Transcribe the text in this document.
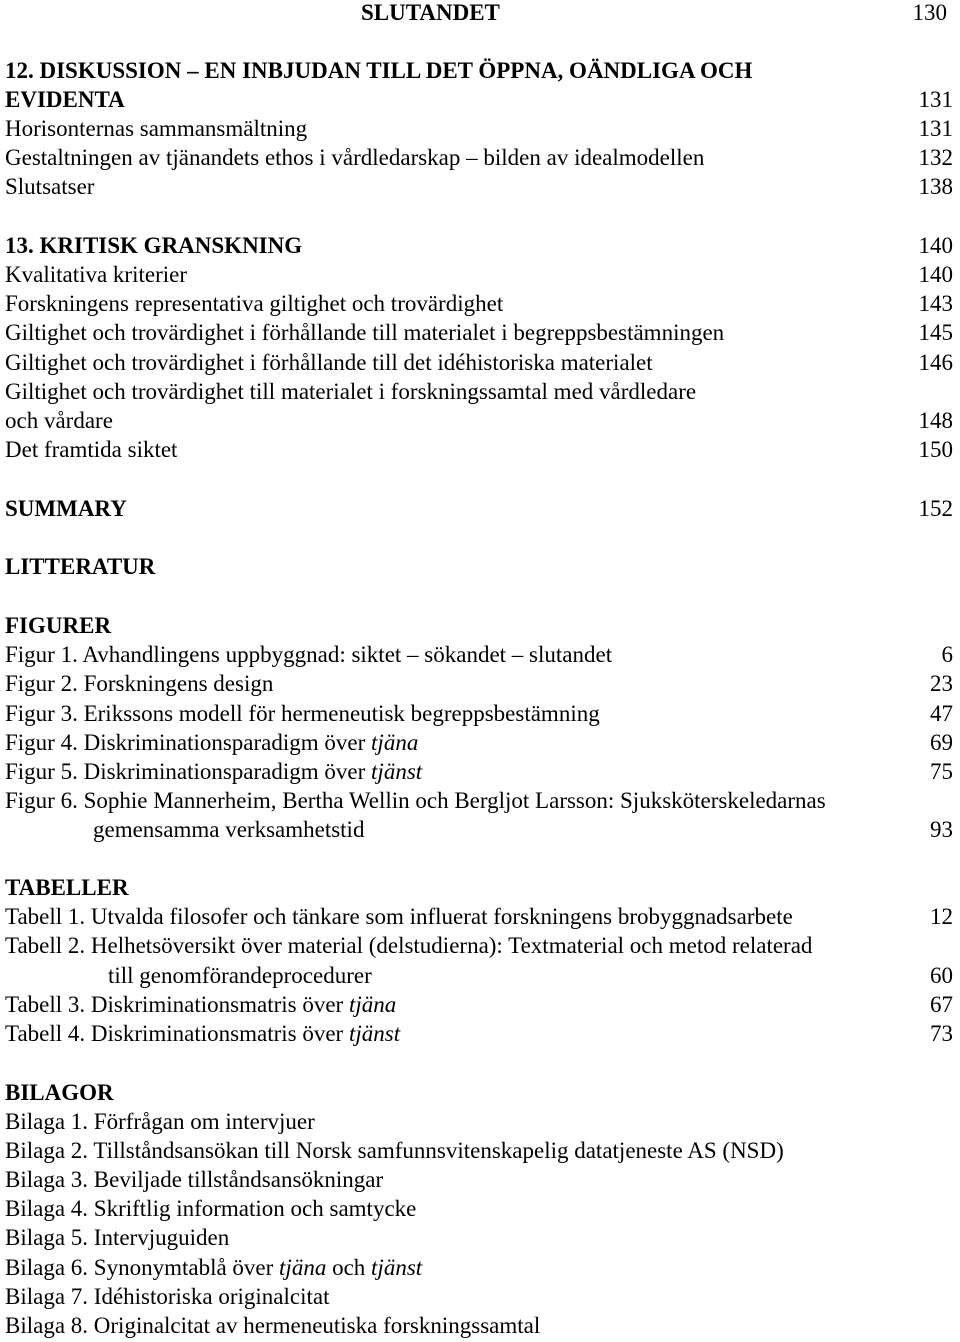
SLUTANDET	130
12. DISKUSSION – EN INBJUDAN TILL DET ÖPPNA, OÄNDLIGA OCH
EVIDENTA	131
Horisonternas sammansmältning	131
Gestaltningen av tjänandets ethos i vårdledarskap – bilden av idealmodellen	132
Slutsatser	138
13. KRITISK GRANSKNING	140
Kvalitativa kriterier	140
Forskningens representativa giltighet och trovärdighet	143
Giltighet och trovärdighet i förhållande till materialet i begreppsbestämningen	145
Giltighet och trovärdighet i förhållande till det idéhistoriska materialet	146
Giltighet och trovärdighet till materialet i forskningssamtal med vårdledare
och vårdare	148
Det framtida siktet	150
SUMMARY	152
LITTERATUR
FIGURER
Figur 1. Avhandlingens uppbyggnad: siktet – sökandet – slutandet	6
Figur 2. Forskningens design	23
Figur 3. Erikssons modell för hermeneutisk begreppsbestämning	47
Figur 4. Diskriminationsparadigm över tjäna	69
Figur 5. Diskriminationsparadigm över tjänst	75
Figur 6. Sophie Mannerheim, Bertha Wellin och Bergljot Larsson: Sjuksköterskeledarnas
gemensamma verksamhetstid	93
TABELLER
Tabell 1. Utvalda filosofer och tänkare som influerat forskningens brobyggnadsarbete	12
Tabell 2. Helhetsöversikt över material (delstudierna): Textmaterial och metod relaterad
till genomförandeprocedurer	60
Tabell 3. Diskriminationsmatris över tjäna	67
Tabell 4. Diskriminationsmatris över tjänst	73
BILAGOR
Bilaga 1. Förfrågan om intervjuer
Bilaga 2. Tillståndsansökan till Norsk samfunnsvitenskapelig datatjeneste AS (NSD)
Bilaga 3. Beviljade tillståndsansökningar
Bilaga 4. Skriftlig information och samtycke
Bilaga 5. Intervjuguiden
Bilaga 6. Synonymtablå över tjäna och tjänst
Bilaga 7. Idéhistoriska originalcitat
Bilaga 8. Originalcitat av hermeneutiska forskningssamtal
